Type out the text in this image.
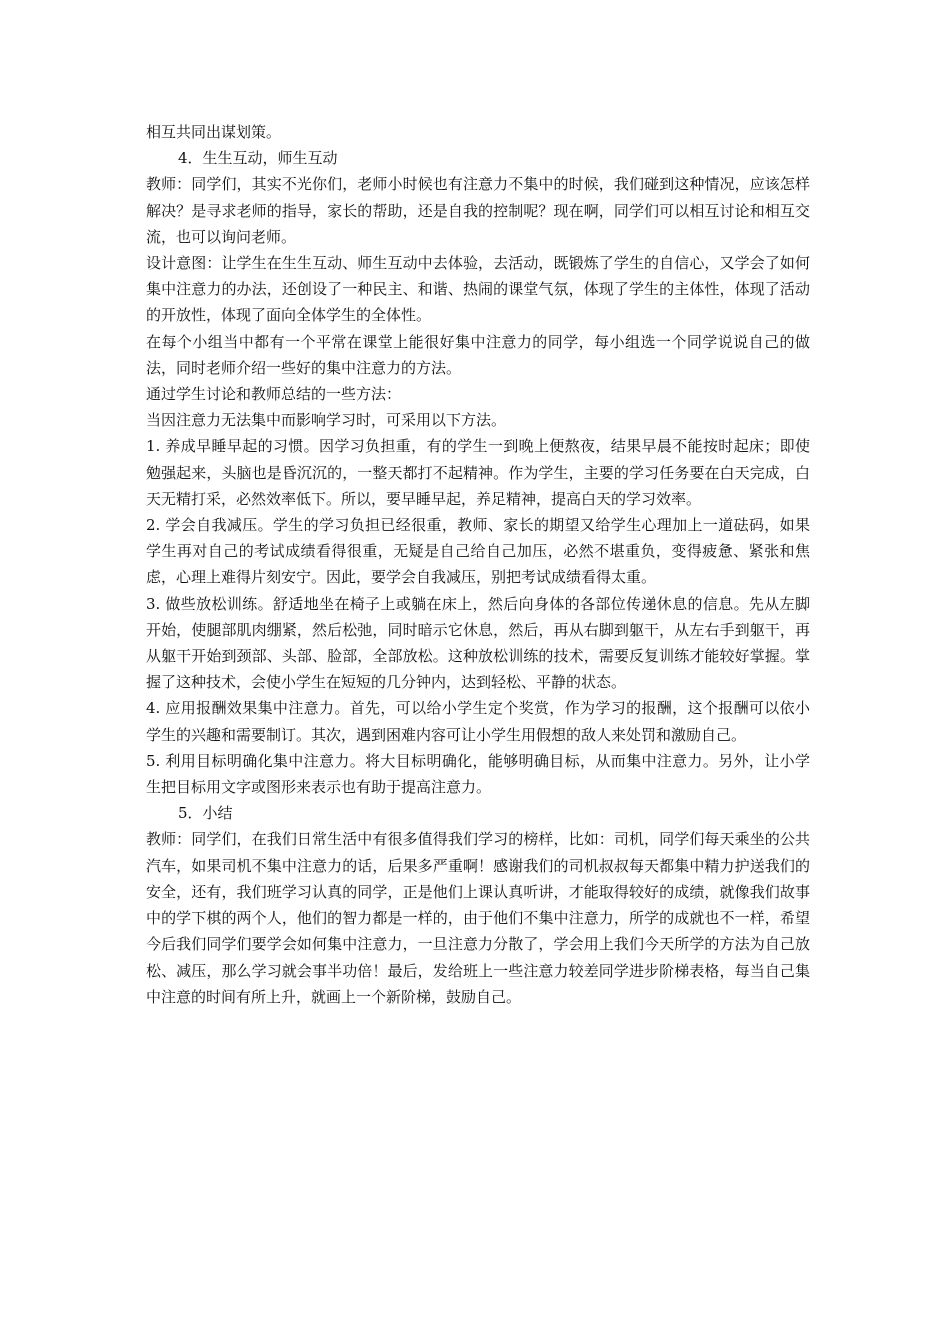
相互共同出谋划策。

4．生生互动，师生互动

教师：同学们，其实不光你们，老师小时候也有注意力不集中的时候，我们碰到这种情况，应该怎样解决？是寻求老师的指导，家长的帮助，还是自我的控制呢？现在啊，同学们可以相互讨论和相互交流，也可以询问老师。

设计意图：让学生在生生互动、师生互动中去体验，去活动，既锻炼了学生的自信心，又学会了如何集中注意力的办法，还创设了一种民主、和谐、热闹的课堂气氛，体现了学生的主体性，体现了活动的开放性，体现了面向全体学生的全体性。

在每个小组当中都有一个平常在课堂上能很好集中注意力的同学，每小组选一个同学说说自己的做法，同时老师介绍一些好的集中注意力的方法。

通过学生讨论和教师总结的一些方法：

当因注意力无法集中而影响学习时，可采用以下方法。

1. 养成早睡早起的习惯。因学习负担重，有的学生一到晚上便熬夜，结果早晨不能按时起床；即使勉强起来，头脑也是昏沉沉的，一整天都打不起精神。作为学生，主要的学习任务要在白天完成，白天无精打采，必然效率低下。所以，要早睡早起，养足精神，提高白天的学习效率。

2. 学会自我减压。学生的学习负担已经很重，教师、家长的期望又给学生心理加上一道砝码，如果学生再对自己的考试成绩看得很重，无疑是自己给自己加压，必然不堪重负，变得疲惫、紧张和焦虑，心理上难得片刻安宁。因此，要学会自我减压，别把考试成绩看得太重。

3. 做些放松训练。舒适地坐在椅子上或躺在床上，然后向身体的各部位传递休息的信息。先从左脚开始，使腿部肌肉绷紧，然后松弛，同时暗示它休息，然后，再从右脚到躯干，从左右手到躯干，再从躯干开始到颈部、头部、脸部，全部放松。这种放松训练的技术，需要反复训练才能较好掌握。掌握了这种技术，会使小学生在短短的几分钟内，达到轻松、平静的状态。

4. 应用报酬效果集中注意力。首先，可以给小学生定个奖赏，作为学习的报酬，这个报酬可以依小学生的兴趣和需要制订。其次，遇到困难内容可让小学生用假想的敌人来处罚和激励自己。

5. 利用目标明确化集中注意力。将大目标明确化，能够明确目标，从而集中注意力。另外，让小学生把目标用文字或图形来表示也有助于提高注意力。

5．小结

教师：同学们，在我们日常生活中有很多值得我们学习的榜样，比如：司机，同学们每天乘坐的公共汽车，如果司机不集中注意力的话，后果多严重啊！感谢我们的司机叔叔每天都集中精力护送我们的安全，还有，我们班学习认真的同学，正是他们上课认真听讲，才能取得较好的成绩，就像我们故事中的学下棋的两个人，他们的智力都是一样的，由于他们不集中注意力，所学的成就也不一样，希望今后我们同学们要学会如何集中注意力，一旦注意力分散了，学会用上我们今天所学的方法为自己放松、减压，那么学习就会事半功倍！最后，发给班上一些注意力较差同学进步阶梯表格，每当自己集中注意的时间有所上升，就画上一个新阶梯，鼓励自己。
